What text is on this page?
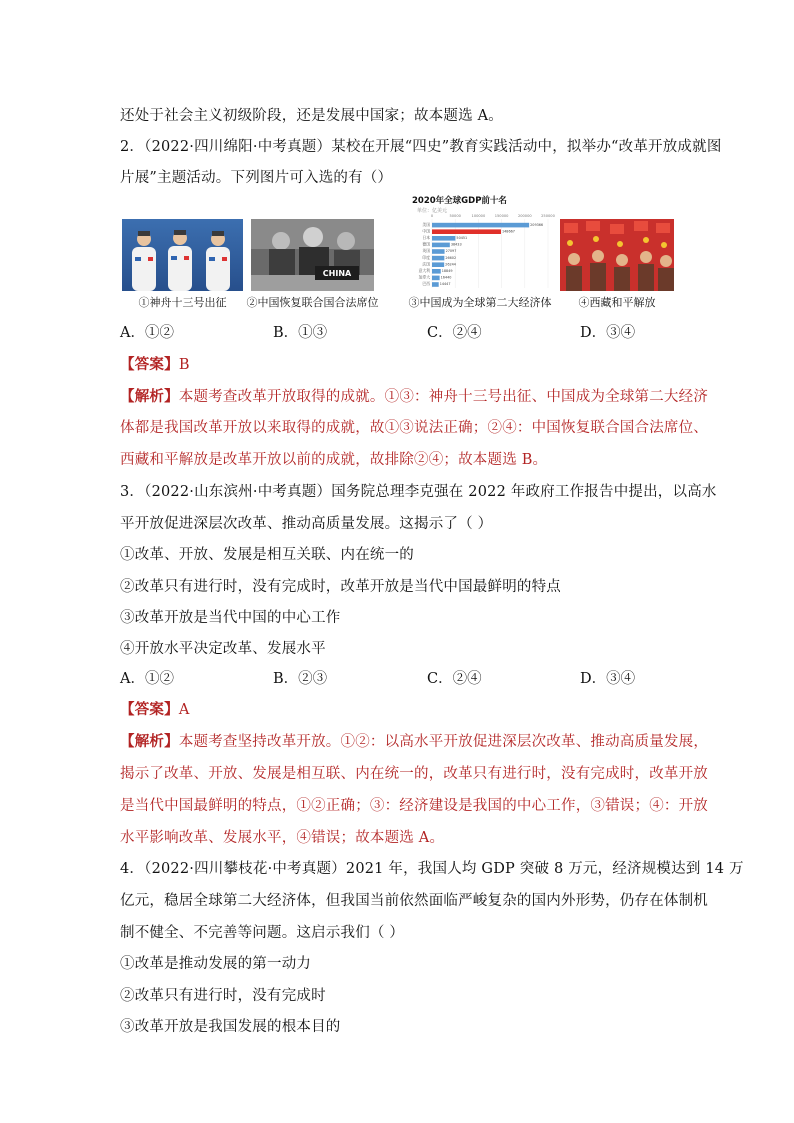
还处于社会主义初级阶段，还是发展中国家；故本题选 A。
2．（2022·四川绵阳·中考真题）某校在开展“四史”教育实践活动中，拟举办“改革开放成就图
片展”主题活动。下列图片可入选的有（）
CHINA
2020年全球GDP前十名
单位：亿美元
0	50000	100000	150000	200000	250000
美国	209366
中国	148667
日本	50451
德国	38433
英国	27097
印度	26602
法国	26244
意大利	18849
加拿大	16440
巴西	14447
①神舟十三号出征	②中国恢复联合国合法席位	③中国成为全球第二大经济体	④西藏和平解放
A．①②	B．①③	C．②④	D．③④
【答案】B
【解析】本题考查改革开放取得的成就。①③：神舟十三号出征、中国成为全球第二大经济
体都是我国改革开放以来取得的成就，故①③说法正确；②④：中国恢复联合国合法席位、
西藏和平解放是改革开放以前的成就，故排除②④；故本题选 B。
3．（2022·山东滨州·中考真题）国务院总理李克强在 2022 年政府工作报告中提出，以高水
平开放促进深层次改革、推动高质量发展。这揭示了（ ）
①改革、开放、发展是相互关联、内在统一的
②改革只有进行时，没有完成时，改革开放是当代中国最鲜明的特点
③改革开放是当代中国的中心工作
④开放水平决定改革、发展水平
A．①②	B．②③	C．②④	D．③④
【答案】A
【解析】本题考查坚持改革开放。①②：以高水平开放促进深层次改革、推动高质量发展，
揭示了改革、开放、发展是相互联、内在统一的，改革只有进行时，没有完成时，改革开放
是当代中国最鲜明的特点，①②正确；③：经济建设是我国的中心工作，③错误；④：开放
水平影响改革、发展水平，④错误；故本题选 A。
4．（2022·四川攀枝花·中考真题）2021 年，我国人均 GDP 突破 8 万元，经济规模达到 14 万
亿元，稳居全球第二大经济体，但我国当前依然面临严峻复杂的国内外形势，仍存在体制机
制不健全、不完善等问题。这启示我们（ ）
①改革是推动发展的第一动力
②改革只有进行时，没有完成时
③改革开放是我国发展的根本目的
